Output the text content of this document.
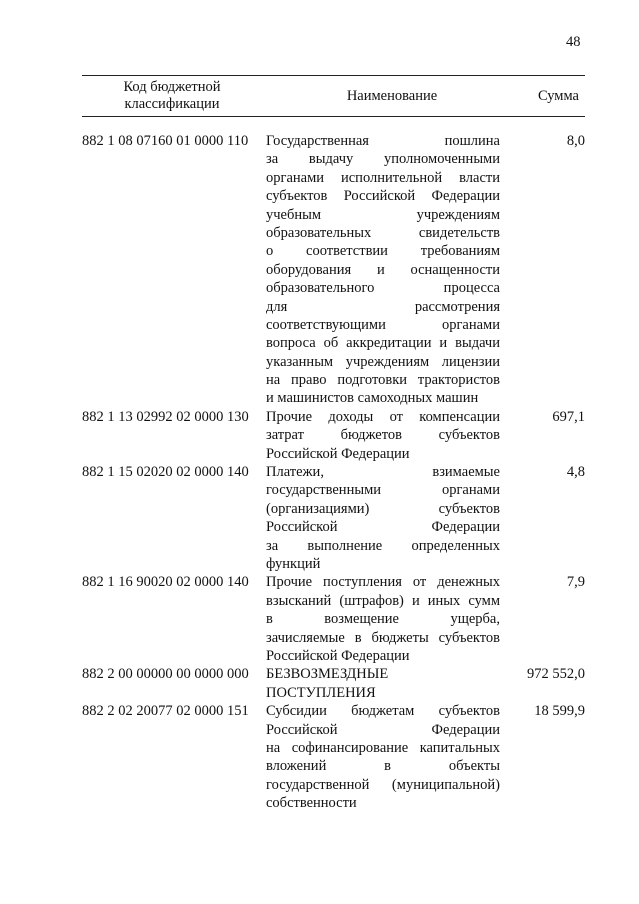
48
Код бюджетной
классификации
Наименование	Сумма
882 1 08 07160 01 0000 110	Государственная пошлина
за выдачу уполномоченными
органами исполнительной власти
субъектов Российской Федерации
учебным учреждениям
образовательных свидетельств
о соответствии требованиям
оборудования и оснащенности
образовательного процесса
для рассмотрения
соответствующими органами
вопроса об аккредитации и выдачи
указанным учреждениям лицензии
на право подготовки трактористов
и машинистов самоходных машин
8,0
882 1 13 02992 02 0000 130	Прочие доходы от компенсации
затрат бюджетов субъектов
Российской Федерации
697,1
882 1 15 02020 02 0000 140	Платежи, взимаемые
государственными органами
(организациями) субъектов
Российской Федерации
за выполнение определенных
функций
4,8
882 1 16 90020 02 0000 140	Прочие поступления от денежных
взысканий (штрафов) и иных сумм
в возмещение ущерба,
зачисляемые в бюджеты субъектов
Российской Федерации
7,9
882 2 00 00000 00 0000 000	БЕЗВОЗМЕЗДНЫЕ
ПОСТУПЛЕНИЯ
972 552,0
882 2 02 20077 02 0000 151	Субсидии бюджетам субъектов
Российской Федерации
на софинансирование капитальных
вложений в объекты
государственной (муниципальной)
собственности
18 599,9
